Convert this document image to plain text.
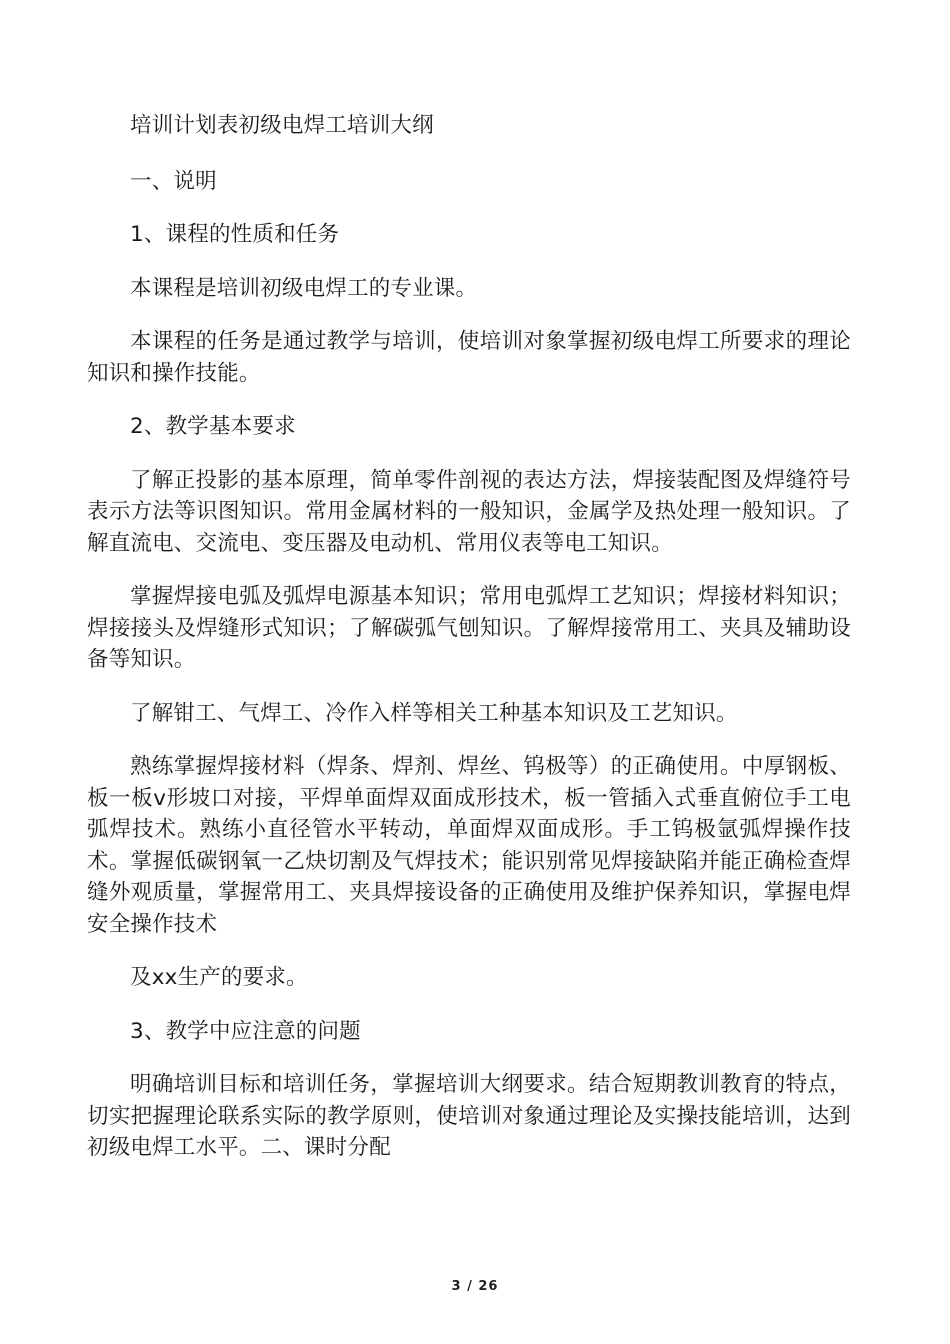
培训计划表初级电焊工培训大纲

一、说明

1、课程的性质和任务

本课程是培训初级电焊工的专业课。

本课程的任务是通过教学与培训，使培训对象掌握初级电焊工所要求的理论知识和操作技能。

2、教学基本要求

了解正投影的基本原理，简单零件剖视的表达方法，焊接装配图及焊缝符号表示方法等识图知识。常用金属材料的一般知识，金属学及热处理一般知识。了解直流电、交流电、变压器及电动机、常用仪表等电工知识。

掌握焊接电弧及弧焊电源基本知识；常用电弧焊工艺知识；焊接材料知识；焊接接头及焊缝形式知识；了解碳弧气刨知识。了解焊接常用工、夹具及辅助设备等知识。

了解钳工、气焊工、冷作入样等相关工种基本知识及工艺知识。

熟练掌握焊接材料（焊条、焊剂、焊丝、钨极等）的正确使用。中厚钢板、板一板v形坡口对接，平焊单面焊双面成形技术，板一管插入式垂直俯位手工电弧焊技术。熟练小直径管水平转动，单面焊双面成形。手工钨极氩弧焊操作技术。掌握低碳钢氧一乙炔切割及气焊技术；能识别常见焊接缺陷并能正确检查焊缝外观质量，掌握常用工、夹具焊接设备的正确使用及维护保养知识，掌握电焊安全操作技术

及xx生产的要求。

3、教学中应注意的问题

明确培训目标和培训任务，掌握培训大纲要求。结合短期教训教育的特点，切实把握理论联系实际的教学原则，使培训对象通过理论及实操技能培训，达到初级电焊工水平。二、课时分配

3 / 26
